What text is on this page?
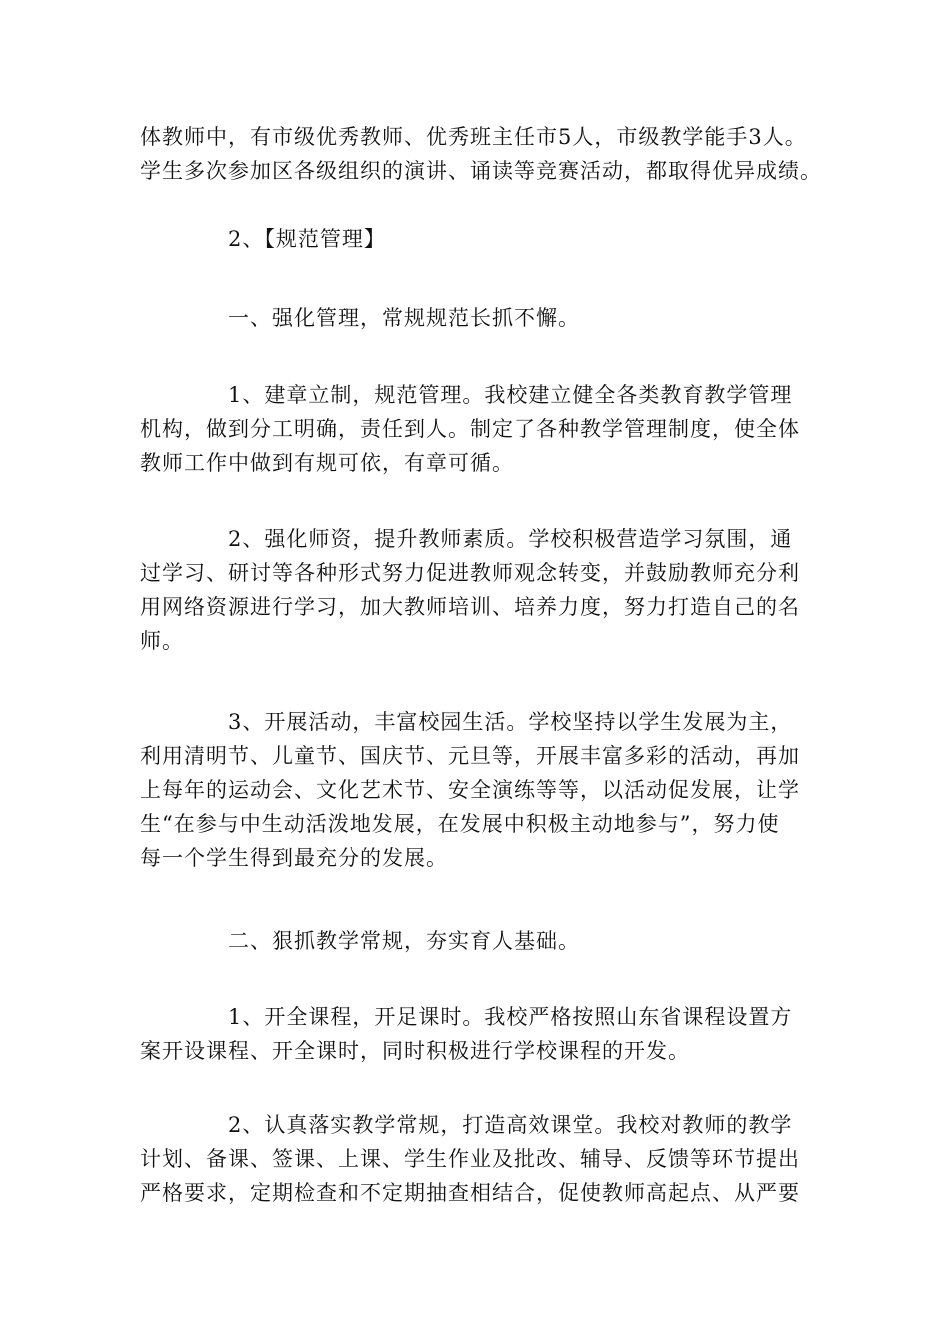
体教师中，有市级优秀教师、优秀班主任市5人，市级教学能手3人。
学生多次参加区各级组织的演讲、诵读等竞赛活动，都取得优异成绩。
　　　　2、【规范管理】
　　　　一、强化管理，常规规范长抓不懈。
　　　　1、建章立制，规范管理。我校建立健全各类教育教学管理
机构，做到分工明确，责任到人。制定了各种教学管理制度，使全体
教师工作中做到有规可依，有章可循。
　　　　2、强化师资，提升教师素质。学校积极营造学习氛围，通
过学习、研讨等各种形式努力促进教师观念转变，并鼓励教师充分利
用网络资源进行学习，加大教师培训、培养力度，努力打造自己的名
师。
　　　　3、开展活动，丰富校园生活。学校坚持以学生发展为主，
利用清明节、儿童节、国庆节、元旦等，开展丰富多彩的活动，再加
上每年的运动会、文化艺术节、安全演练等等，以活动促发展，让学
生“在参与中生动活泼地发展，在发展中积极主动地参与”，努力使
每一个学生得到最充分的发展。
　　　　二、狠抓教学常规，夯实育人基础。
　　　　1、开全课程，开足课时。我校严格按照山东省课程设置方
案开设课程、开全课时，同时积极进行学校课程的开发。
　　　　2、认真落实教学常规，打造高效课堂。我校对教师的教学
计划、备课、签课、上课、学生作业及批改、辅导、反馈等环节提出
严格要求，定期检查和不定期抽查相结合，促使教师高起点、从严要
